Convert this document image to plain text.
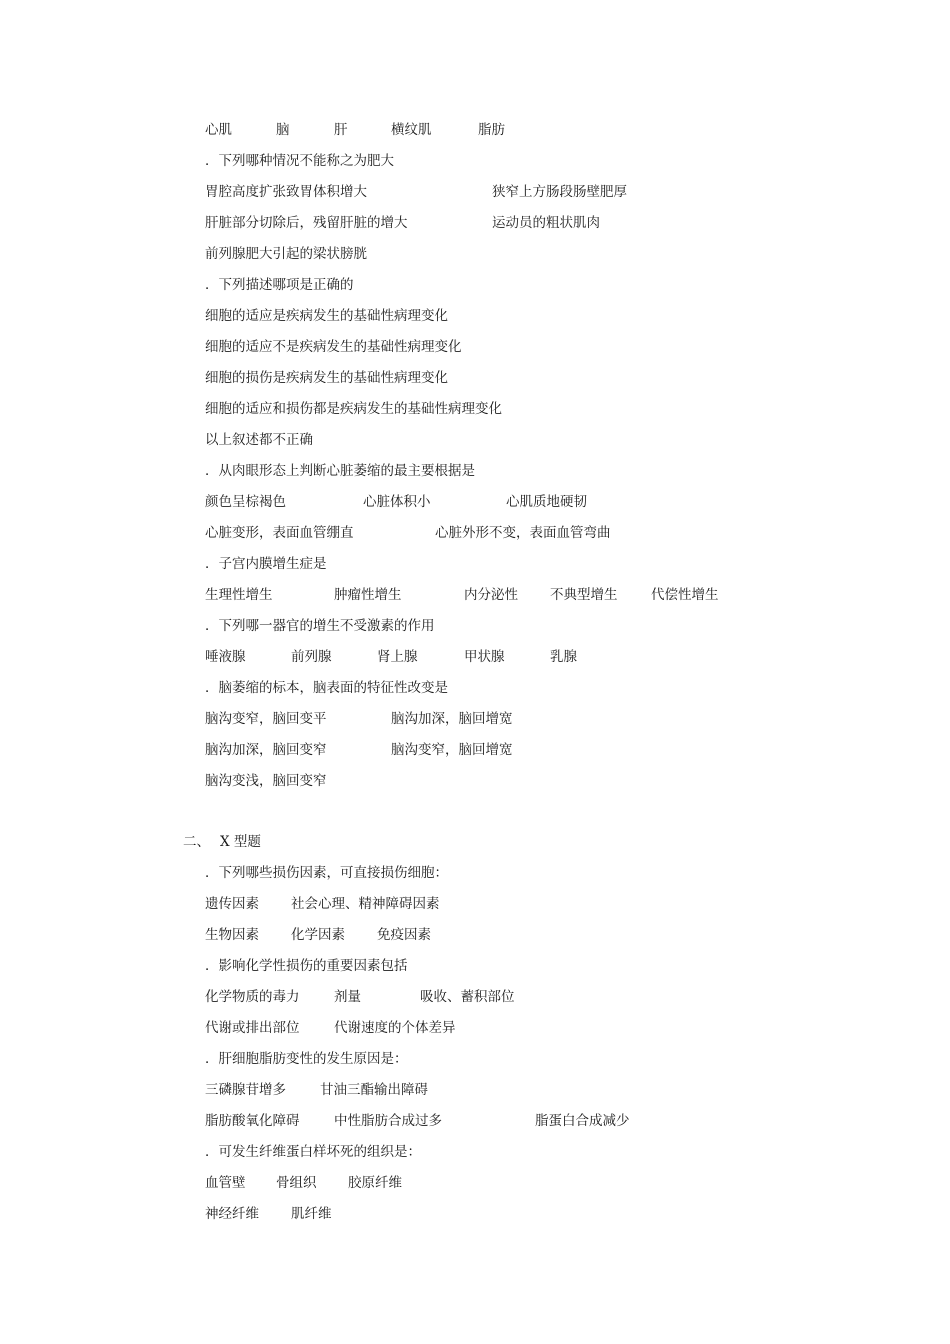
心肌	脑	肝	横纹肌	脂肪
．下列哪种情况不能称之为肥大
胃腔高度扩张致胃体积增大	狭窄上方肠段肠壁肥厚
肝脏部分切除后，残留肝脏的增大	运动员的粗状肌肉
前列腺肥大引起的梁状膀胱
．下列描述哪项是正确的
细胞的适应是疾病发生的基础性病理变化
细胞的适应不是疾病发生的基础性病理变化
细胞的损伤是疾病发生的基础性病理变化
细胞的适应和损伤都是疾病发生的基础性病理变化
以上叙述都不正确
．从肉眼形态上判断心脏萎缩的最主要根据是
颜色呈棕褐色	心脏体积小	心肌质地硬韧
心脏变形，表面血管绷直	心脏外形不变，表面血管弯曲
．子宫内膜增生症是
生理性增生	肿瘤性增生	内分泌性 不典型增生 代偿性增生
．下列哪一器官的增生不受激素的作用
唾液腺	前列腺	肾上腺	甲状腺	乳腺
．脑萎缩的标本，脑表面的特征性改变是
脑沟变窄，脑回变平	脑沟加深，脑回增宽
脑沟加深，脑回变窄	脑沟变窄，脑回增宽
脑沟变浅，脑回变窄
二、 X 型题
．下列哪些损伤因素，可直接损伤细胞：
遗传因素 社会心理、精神障碍因素
生物因素 化学因素 免疫因素
．影响化学性损伤的重要因素包括
化学物质的毒力	剂量	吸收、蓄积部位
代谢或排出部位	代谢速度的个体差异
．肝细胞脂肪变性的发生原因是：
三磷腺苷增多	甘油三酯输出障碍
脂肪酸氧化障碍	中性脂肪合成过多	脂蛋白合成减少
．可发生纤维蛋白样坏死的组织是：
血管壁 骨组织 胶原纤维
神经纤维 肌纤维
